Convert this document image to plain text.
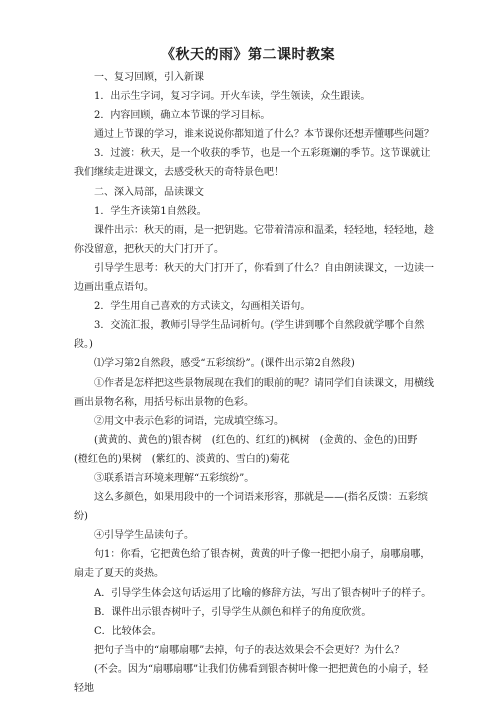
《秋天的雨》第二课时教案

一、复习回顾，引入新课

1．出示生字词，复习字词。开火车读，学生领读，众生跟读。

2．内容回顾，确立本节课的学习目标。

通过上节课的学习，谁来说说你都知道了什么？本节课你还想弄懂哪些问题？

3．过渡：秋天，是一个收获的季节，也是一个五彩斑斓的季节。这节课就让我们继续走进课文，去感受秋天的奇特景色吧！

二、深入局部，品读课文

1．学生齐读第1自然段。

课件出示：秋天的雨，是一把钥匙。它带着清凉和温柔，轻轻地，轻轻地，趁你没留意，把秋天的大门打开了。

引导学生思考：秋天的大门打开了，你看到了什么？自由朗读课文，一边读一边画出重点语句。

2．学生用自己喜欢的方式读文，勾画相关语句。

3．交流汇报，教师引导学生品词析句。(学生讲到哪个自然段就学哪个自然段。)

⑴学习第2自然段，感受“五彩缤纷”。(课件出示第2自然段)

①作者是怎样把这些景物展现在我们的眼前的呢？请同学们自读课文，用横线画出景物名称，用括号标出景物的色彩。

②用文中表示色彩的词语，完成填空练习。

(黄黄的、黄色的)银杏树　(红色的、红红的)枫树　(金黄的、金色的)田野　(橙红色的)果树　(紫红的、淡黄的、雪白的)菊花

③联系语言环境来理解“五彩缤纷”。

这么多颜色，如果用段中的一个词语来形容，那就是——(指名反馈：五彩缤纷)

④引导学生品读句子。

句1：你看，它把黄色给了银杏树，黄黄的叶子像一把把小扇子，扇哪扇哪，扇走了夏天的炎热。

A．引导学生体会这句话运用了比喻的修辞方法，写出了银杏树叶子的样子。

B．课件出示银杏树叶子，引导学生从颜色和样子的角度欣赏。

C．比较体会。

把句子当中的“扇哪扇哪”去掉，句子的表达效果会不会更好？为什么？

(不会。因为“扇哪扇哪”让我们仿佛看到银杏树叶像一把把黄色的小扇子，轻轻地
